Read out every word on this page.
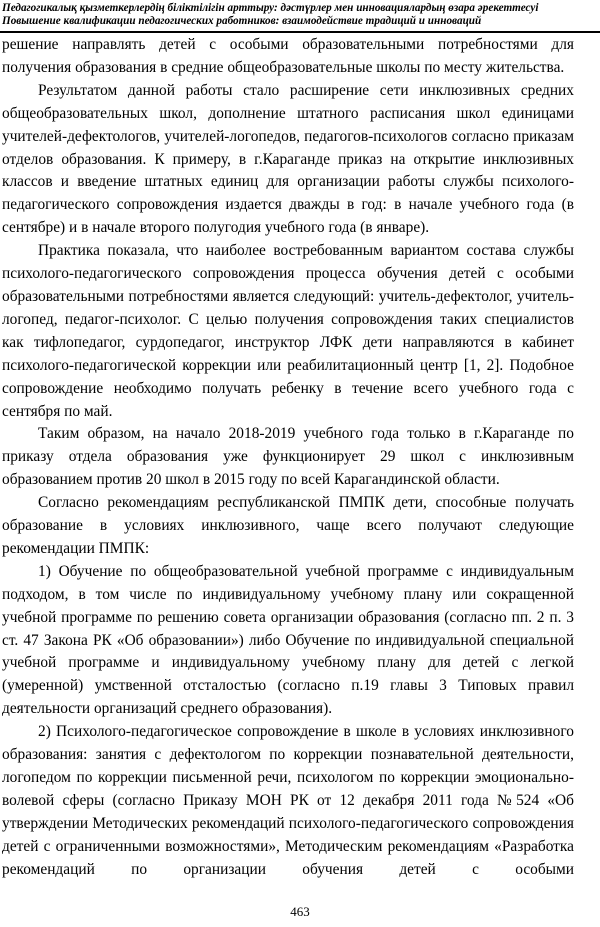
Педагогикалық қызметкерлердің біліктілігін арттыру: дәстүрлер мен инновациялардың өзара әрекеттесуі
Повышение квалификации педагогических работников: взаимодействие традиций и инноваций

решение направлять детей с особыми образовательными потребностями для получения образования в средние общеобразовательные школы по месту жительства.

Результатом данной работы стало расширение сети инклюзивных средних общеобразовательных школ, дополнение штатного расписания школ единицами учителей-дефектологов, учителей-логопедов, педагогов-психологов согласно приказам отделов образования. К примеру, в г.Караганде приказ на открытие инклюзивных классов и введение штатных единиц для организации работы службы психолого-педагогического сопровождения издается дважды в год: в начале учебного года (в сентябре) и в начале второго полугодия учебного года (в январе).

Практика показала, что наиболее востребованным вариантом состава службы психолого-педагогического сопровождения процесса обучения детей с особыми образовательными потребностями является следующий: учитель-дефектолог, учитель-логопед, педагог-психолог. С целью получения сопровождения таких специалистов как тифлопедагог, сурдопедагог, инструктор ЛФК дети направляются в кабинет психолого-педагогической коррекции или реабилитационный центр [1, 2]. Подобное сопровождение необходимо получать ребенку в течение всего учебного года с сентября по май.

Таким образом, на начало 2018-2019 учебного года только в г.Караганде по приказу отдела образования уже функционирует 29 школ с инклюзивным образованием против 20 школ в 2015 году по всей Карагандинской области.

Согласно рекомендациям республиканской ПМПК дети, способные получать образование в условиях инклюзивного, чаще всего получают следующие рекомендации ПМПК:

1) Обучение по общеобразовательной учебной программе с индивидуальным подходом, в том числе по индивидуальному учебному плану или сокращенной учебной программе по решению совета организации образования (согласно пп. 2 п. 3 ст. 47 Закона РК «Об образовании») либо Обучение по индивидуальной специальной учебной программе и индивидуальному учебному плану для детей с легкой (умеренной) умственной отсталостью (согласно п.19 главы 3 Типовых правил деятельности организаций среднего образования).

2) Психолого-педагогическое сопровождение в школе в условиях инклюзивного образования: занятия с дефектологом по коррекции познавательной деятельности, логопедом по коррекции письменной речи, психологом по коррекции эмоционально-волевой сферы (согласно Приказу МОН РК от 12 декабря 2011 года №524 «Об утверждении Методических рекомендаций психолого-педагогического сопровождения детей с ограниченными возможностями», Методическим рекомендациям «Разработка рекомендаций по организации обучения детей с особыми

463
